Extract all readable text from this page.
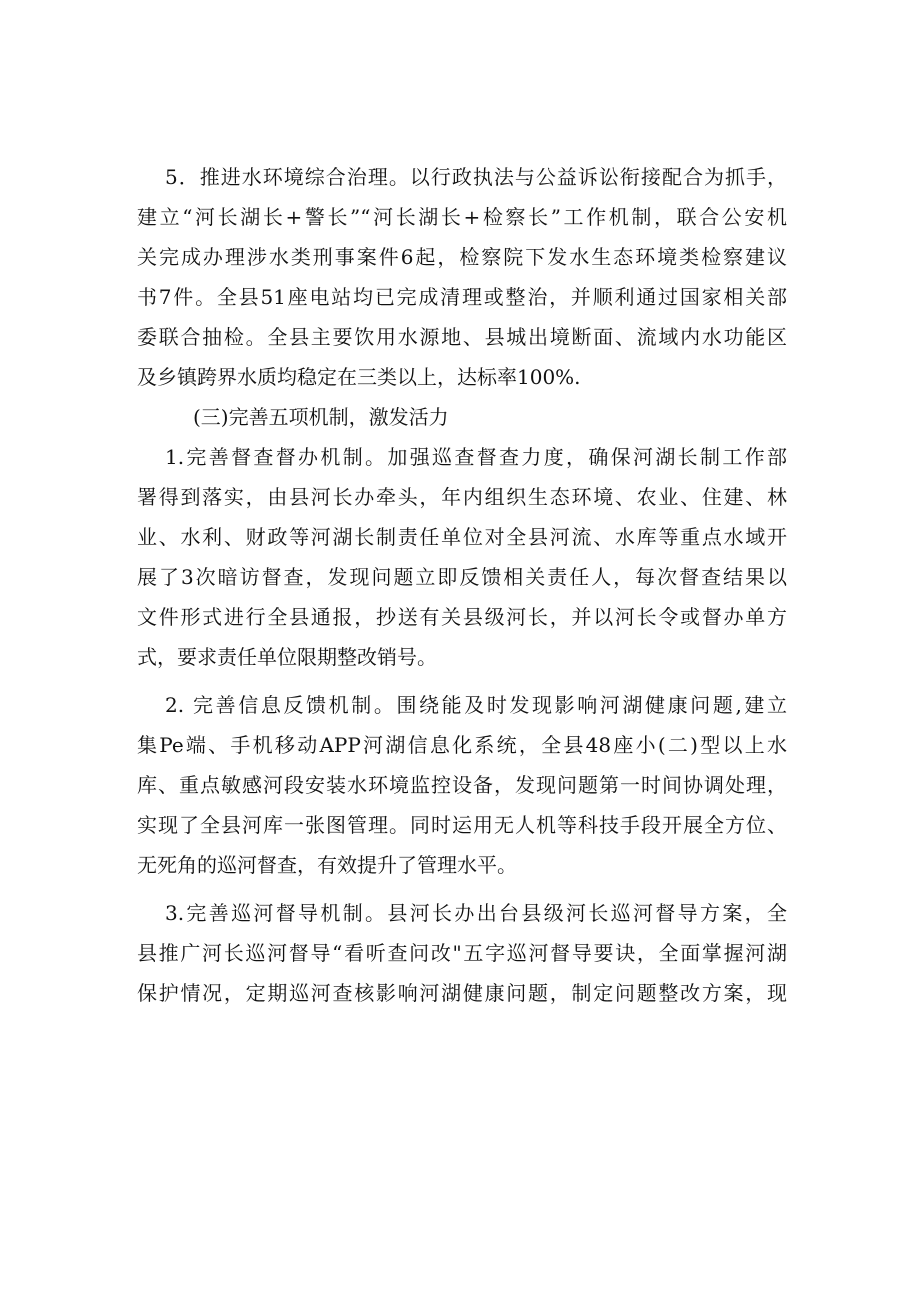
5．推进水环境综合治理。以行政执法与公益诉讼衔接配合为抓手，

建立“河长湖长+警长”“河长湖长+检察长”工作机制，联合公安机

关完成办理涉水类刑事案件6起，检察院下发水生态环境类检察建议

书7件。全县51座电站均已完成清理或整治，并顺利通过国家相关部

委联合抽检。全县主要饮用水源地、县城出境断面、流域内水功能区

及乡镇跨界水质均稳定在三类以上，达标率100%.

(三)完善五项机制，激发活力

1.完善督查督办机制。加强巡查督查力度，确保河湖长制工作部

署得到落实，由县河长办牵头，年内组织生态环境、农业、住建、林

业、水利、财政等河湖长制责任单位对全县河流、水库等重点水域开

展了3次暗访督查，发现问题立即反馈相关责任人，每次督查结果以

文件形式进行全县通报，抄送有关县级河长，并以河长令或督办单方

式，要求责任单位限期整改销号。

2. 完善信息反馈机制。围绕能及时发现影响河湖健康问题,建立

集Pe端、手机移动APP河湖信息化系统，全县48座小(二)型以上水

库、重点敏感河段安装水环境监控设备，发现问题第一时间协调处理，

实现了全县河库一张图管理。同时运用无人机等科技手段开展全方位、

无死角的巡河督查，有效提升了管理水平。

3.完善巡河督导机制。县河长办出台县级河长巡河督导方案，全

县推广河长巡河督导“看听查问改"五字巡河督导要诀，全面掌握河湖

保护情况，定期巡河查核影响河湖健康问题，制定问题整改方案，现
